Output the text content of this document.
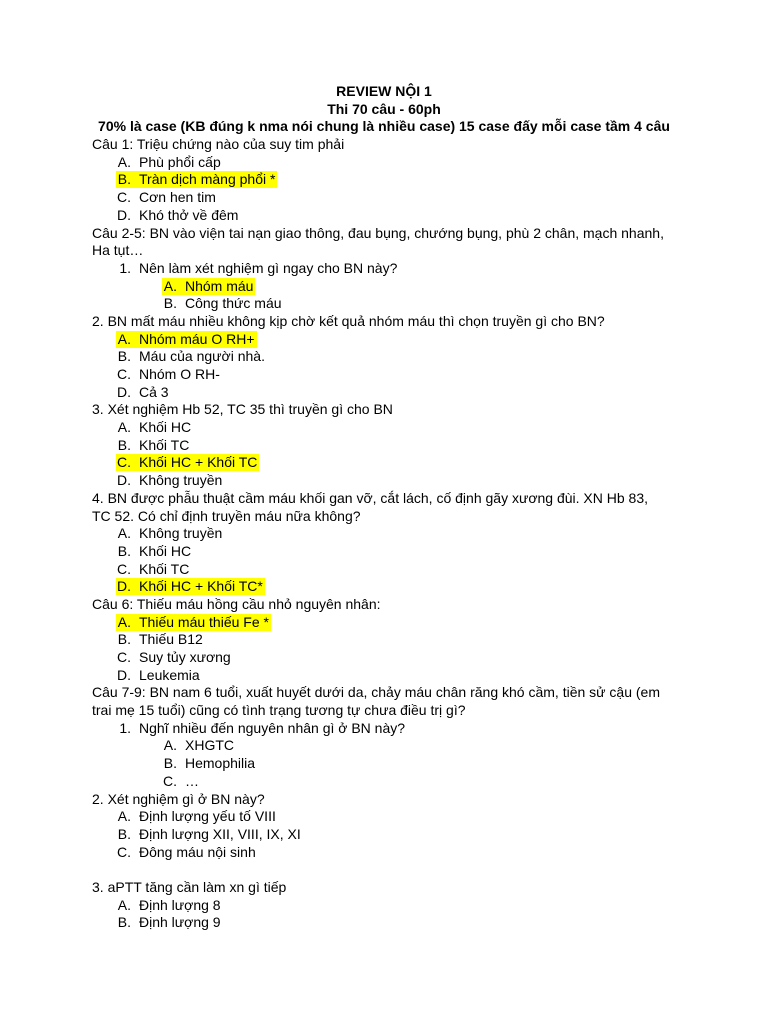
REVIEW NỘI 1
Thi 70 câu - 60ph
70% là case (KB đúng k nma nói chung là nhiều case) 15 case đấy mỗi case tầm 4 câu
Câu 1: Triệu chứng nào của suy tim phải
A. Phù phổi cấp
B. Tràn dịch màng phổi *
C. Cơn hen tim
D. Khó thở về đêm
Câu 2-5: BN vào viện tai nạn giao thông, đau bụng, chướng bụng, phù 2 chân, mạch nhanh,
Ha tụt…
1. Nên làm xét nghiệm gì ngay cho BN này?
A. Nhóm máu
B. Công thức máu
2. BN mất máu nhiều không kịp chờ kết quả nhóm máu thì chọn truyền gì cho BN?
A. Nhóm máu O RH+
B. Máu của người nhà.
C. Nhóm O RH-
D. Cả 3
3. Xét nghiệm Hb 52, TC 35 thì truyền gì cho BN
A. Khối HC
B. Khối TC
C. Khối HC + Khối TC
D. Không truyền
4. BN được phẫu thuật cầm máu khối gan vỡ, cắt lách, cố định gãy xương đùi. XN Hb 83,
TC 52. Có chỉ định truyền máu nữa không?
A. Không truyền
B. Khối HC
C. Khối TC
D. Khối HC + Khối TC*
Câu 6: Thiếu máu hồng cầu nhỏ nguyên nhân:
A. Thiếu máu thiếu Fe *
B. Thiếu B12
C. Suy tủy xương
D. Leukemia
Câu 7-9: BN nam 6 tuổi, xuất huyết dưới da, chảy máu chân răng khó cầm, tiền sử cậu (em
trai mẹ 15 tuổi) cũng có tình trạng tương tự chưa điều trị gì?
1. Nghĩ nhiều đến nguyên nhân gì ở BN này?
A. XHGTC
B. Hemophilia
C. …
2. Xét nghiệm gì ở BN này?
A. Định lượng yếu tố VIII
B. Định lượng XII, VIII, IX, XI
C. Đông máu nội sinh
3. aPTT tăng cần làm xn gì tiếp
A. Định lượng 8
B. Định lượng 9
